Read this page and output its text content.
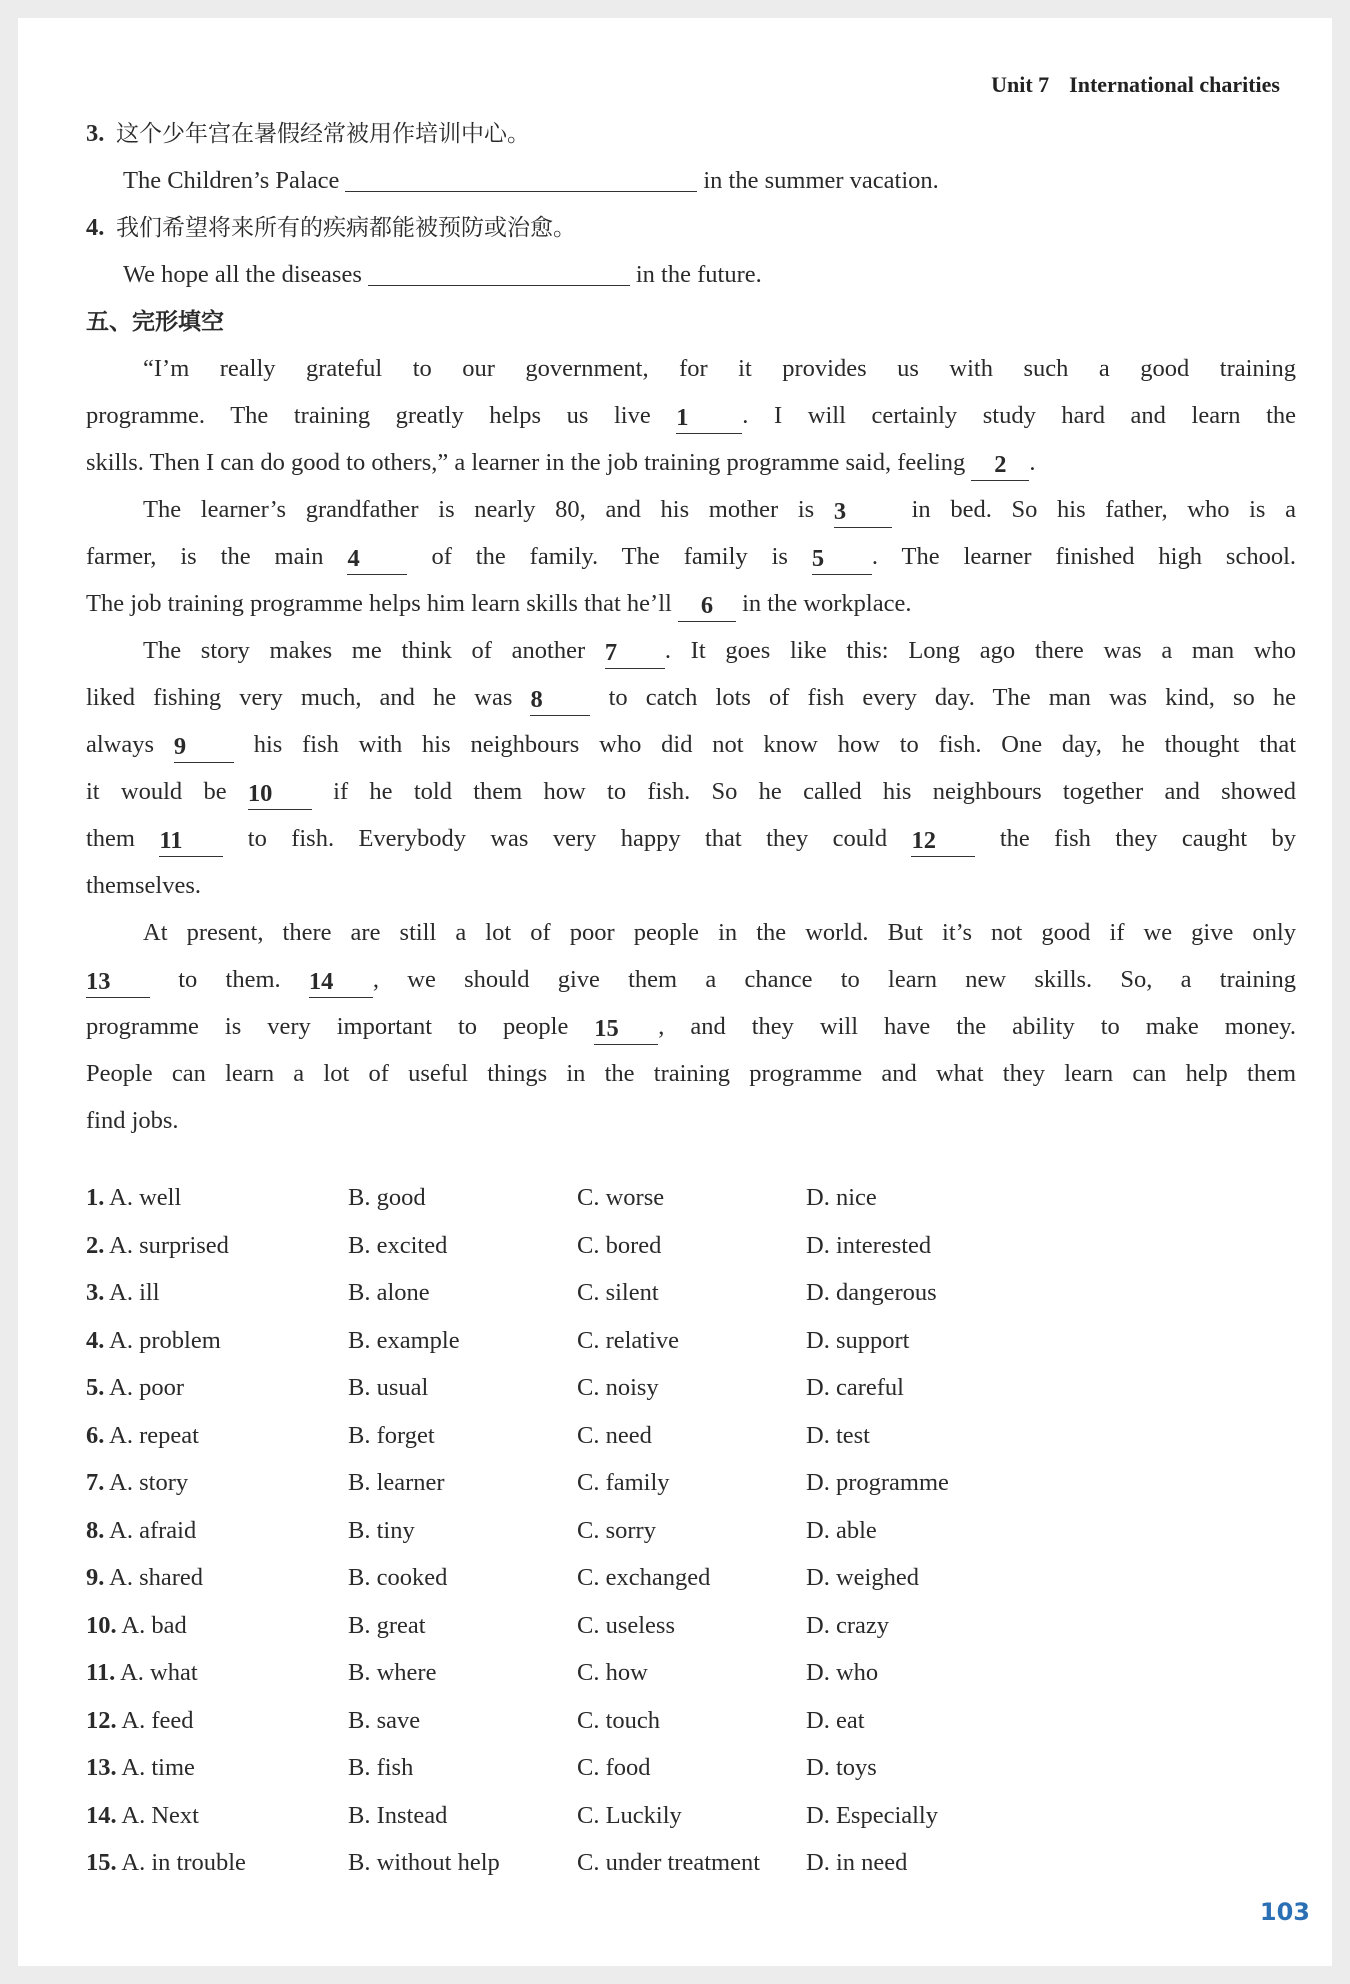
Unit 7 International charities
3. 这个少年宫在暑假经常被用作培训中心。
The Children’s Palace	in the summer vacation.
4. 我们希望将来所有的疾病都能被预防或治愈。
We hope all the diseases	in the future.
五、完形填空
“I’m really grateful to our government, for it provides us with such a good training
programme. The training greatly helps us live 1 . I will certainly study hard and learn the
skills. Then I can do good to others,” a learner in the job training programme said, feeling 2 .
The learner’s grandfather is nearly 80, and his mother is 3	in bed. So his father, who is a
farmer, is the main 4	of the family. The family is 5 . The learner finished high school.
The job training programme helps him learn skills that he’ll 6 in the workplace.
The story makes me think of another 7 . It goes like this: Long ago there was a man who
liked fishing very much, and he was 8	to catch lots of fish every day. The man was kind, so he
always 9	his fish with his neighbours who did not know how to fish. One day, he thought that
it would be 10 if he told them how to fish. So he called his neighbours together and showed
them 11	to fish. Everybody was very happy that they could 12	the fish they caught by
themselves.
At present, there are still a lot of poor people in the world. But it’s not good if we give only
13	to them. 14 , we should give them a chance to learn new skills. So, a training
programme is very important to people 15 , and they will have the ability to make money.
People can learn a lot of useful things in the training programme and what they learn can help them
find jobs.
1. A. well	B. good	C. worse	D. nice
2. A. surprised	B. excited	C. bored	D. interested
3. A. ill	B. alone	C. silent	D. dangerous
4. A. problem	B. example	C. relative	D. support
5. A. poor	B. usual	C. noisy	D. careful
6. A. repeat	B. forget	C. need	D. test
7. A. story	B. learner	C. family	D. programme
8. A. afraid	B. tiny	C. sorry	D. able
9. A. shared	B. cooked	C. exchanged	D. weighed
10. A. bad	B. great	C. useless	D. crazy
11. A. what	B. where	C. how	D. who
12. A. feed	B. save	C. touch	D. eat
13. A. time	B. fish	C. food	D. toys
14. A. Next	B. Instead	C. Luckily	D. Especially
15. A. in trouble	B. without help	C. under treatment D. in need
103
